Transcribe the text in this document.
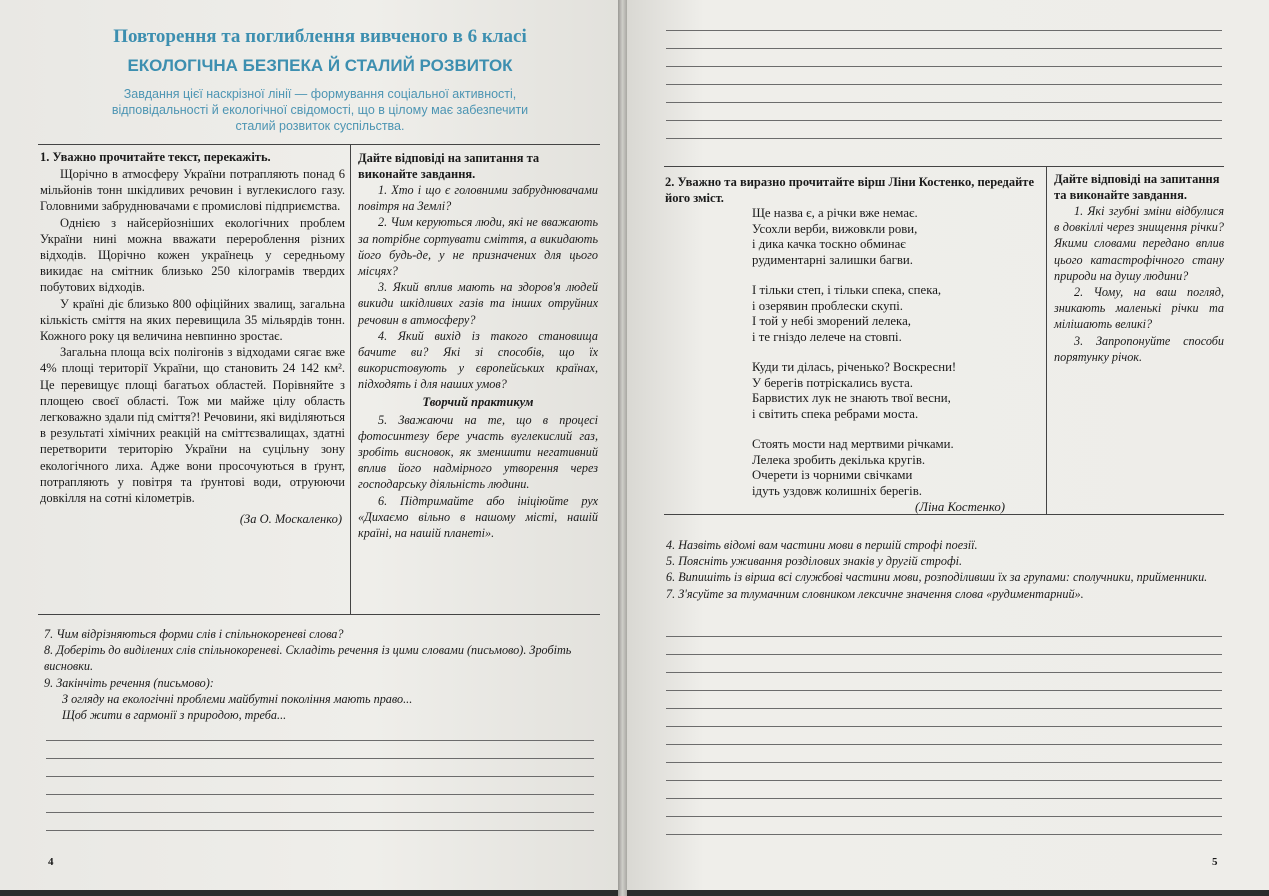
Повторення та поглиблення вивченого в 6 класі
ЕКОЛОГІЧНА БЕЗПЕКА Й СТАЛИЙ РОЗВИТОК
Завдання цієї наскрізної лінії — формування соціальної активності,
відповідальності й екологічної свідомості, що в цілому має забезпечити
сталий розвиток суспільства.
1. Уважно прочитайте текст, перекажіть.

Щорічно в атмосферу України потрапляють понад 6 мільйонів тонн шкідливих речовин і вуглекислого газу. Головними забруднювачами є промислові підприємства.

Однією з найсерйозніших екологічних проблем України нині можна вважати перероблення різних відходів. Щорічно кожен українець у середньому викидає на смітник близько 250 кілограмів твердих побутових відходів.

У країні діє близько 800 офіційних звалищ, загальна кількість сміття на яких перевищила 35 мільярдів тонн. Кожного року ця величина невпинно зростає.

Загальна площа всіх полігонів з відходами сягає вже 4% площі території України, що становить 24 142 км². Це перевищує площі багатьох областей. Порівняйте з площею своєї області. Тож ми майже цілу область легковажно здали під сміття?! Речовини, які виділяються в результаті хімічних реакцій на сміттєзвалищах, здатні перетворити територію України на суцільну зону екологічного лиха. Адже вони просочуються в ґрунт, потрапляють у повітря та ґрунтові води, отруюючи довкілля на сотні кілометрів.

(За О. Москаленко)
Дайте відповіді на запитання та виконайте завдання.

1. Хто і що є головними забруднювачами повітря на Землі?

2. Чим керуються люди, які не вважають за потрібне сортувати сміття, а викидають його будь-де, у не призначених для цього місцях?

3. Який вплив мають на здоров'я людей викиди шкідливих газів та інших отруйних речовин в атмосферу?

4. Який вихід із такого становища бачите ви? Які зі способів, що їх використовують у європейських країнах, підходять і для наших умов?

Творчий практикум

5. Зважаючи на те, що в процесі фотосинтезу бере участь вуглекислий газ, зробіть висновок, як зменшити негативний вплив його надмірного утворення через господарську діяльність людини.

6. Підтримайте або ініціюйте рух «Дихаємо вільно в нашому місті, нашій країні, на нашій планеті».

7. Чим відрізняються форми слів і спільнокореневі слова?

8. Доберіть до виділених слів спільнокореневі. Складіть речення із цими словами (письмово). Зробіть висновки.

9. Закінчіть речення (письмово):

З огляду на екологічні проблеми майбутні покоління мають право...

Щоб жити в гармонії з природою, треба...

4
2. Уважно та виразно прочитайте вірш Ліни Костенко, передайте його зміст.
Ще назва є, а річки вже немає.
Усохли верби, вижовкли рови,
і дика качка тоскно обминає
рудиментарні залишки багви.
І тільки степ, і тільки спека, спека,
і озерявин проблески скупі.
І той у небі зморений лелека,
і те гніздо лелече на стовпі.
Куди ти ділась, річенько? Воскресни!
У берегів потріскались вуста.
Барвистих лук не знають твої весни,
і світить спека ребрами моста.
Стоять мости над мертвими річками.
Лелека зробить декілька кругів.
Очерети із чорними свічками
ідуть уздовж колишніх берегів.
(Ліна Костенко)
Дайте відповіді на запитання та виконайте завдання.

1. Які згубні зміни відбулися в довкіллі через знищення річки? Якими словами передано вплив цього катастрофічного стану природи на душу людини?

2. Чому, на ваш погляд, зникають маленькі річки та мілішають великі?

3. Запропонуйте способи порятунку річок.

4. Назвіть відомі вам частини мови в першій строфі поезії.

5. Поясніть уживання розділових знаків у другій строфі.

6. Випишіть із вірша всі службові частини мови, розподіливши їх за групами: сполучники, прийменники.

7. З'ясуйте за тлумачним словником лексичне значення слова «рудиментарний».

5
